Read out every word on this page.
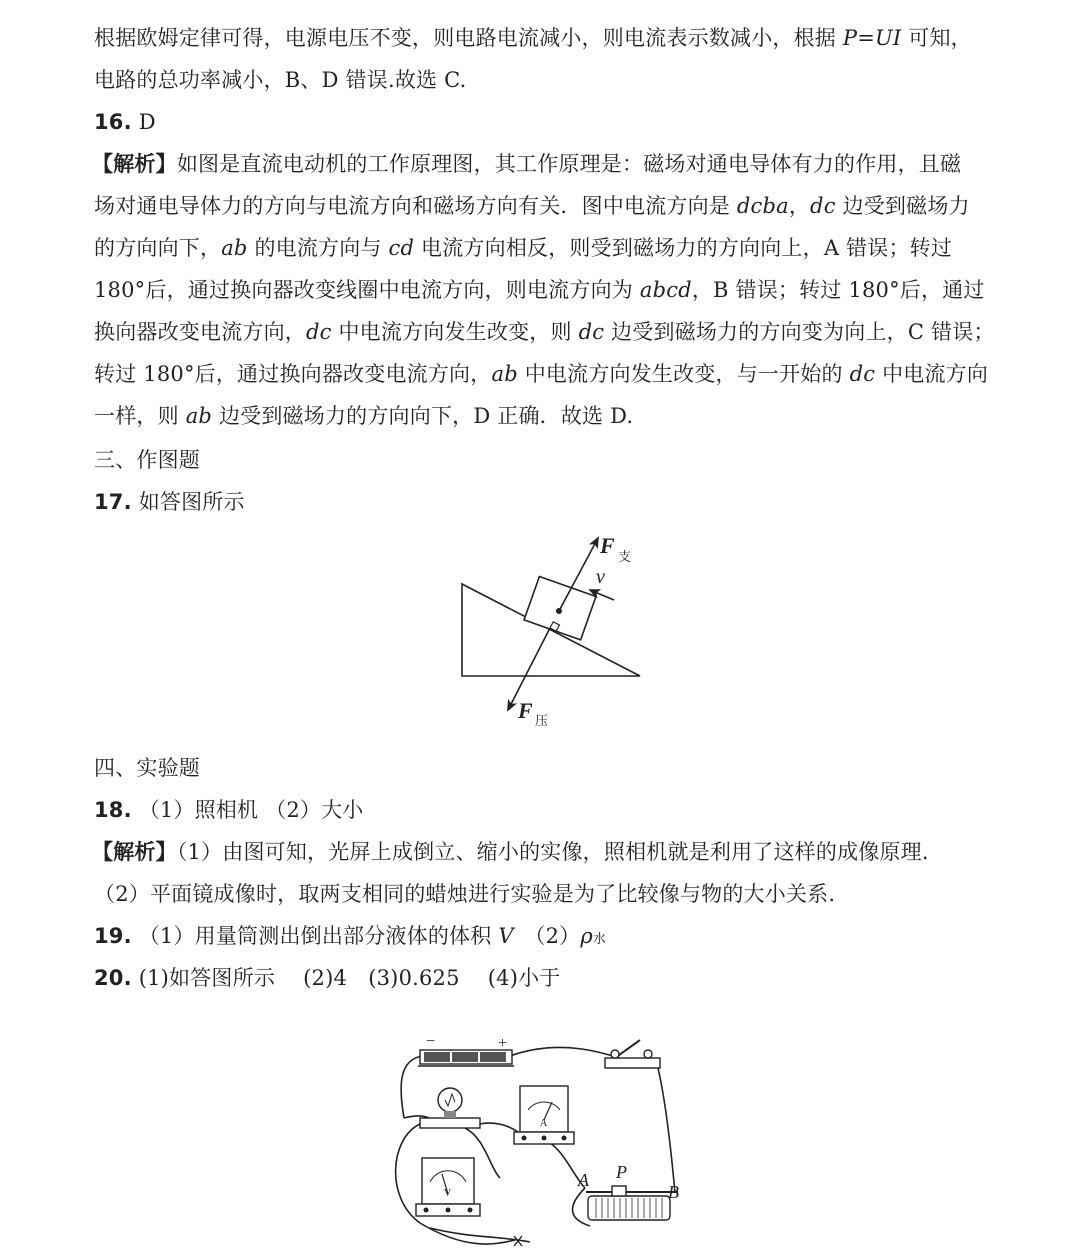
根据欧姆定律可得，电源电压不变，则电路电流减小，则电流表示数减小，根据 P=UI 可知，
电路的总功率减小，B、D 错误.故选 C.
16. D
【解析】如图是直流电动机的工作原理图，其工作原理是：磁场对通电导体有力的作用，且磁
场对通电导体力的方向与电流方向和磁场方向有关．图中电流方向是 dcba，dc 边受到磁场力
的方向向下，ab 的电流方向与 cd 电流方向相反，则受到磁场力的方向向上，A 错误；转过
180°后，通过换向器改变线圈中电流方向，则电流方向为 abcd，B 错误；转过 180°后，通过
换向器改变电流方向，dc 中电流方向发生改变，则 dc 边受到磁场力的方向变为向上，C 错误；
转过 180°后，通过换向器改变电流方向，ab 中电流方向发生改变，与一开始的 dc 中电流方向
一样，则 ab 边受到磁场力的方向向下，D 正确．故选 D.
三、作图题
17. 如答图所示
F 支
v
F 压
四、实验题
18. （1）照相机 （2）大小
【解析】（1）由图可知，光屏上成倒立、缩小的实像，照相机就是利用了这样的成像原理.
（2）平面镜成像时，取两支相同的蜡烛进行实验是为了比较像与物的大小关系.
19. （1）用量筒测出倒出部分液体的体积 V　（2）ρ水
20. (1)如答图所示　 (2)4　(3)0.625　 (4)小于
−	+
A
V
A P
B
